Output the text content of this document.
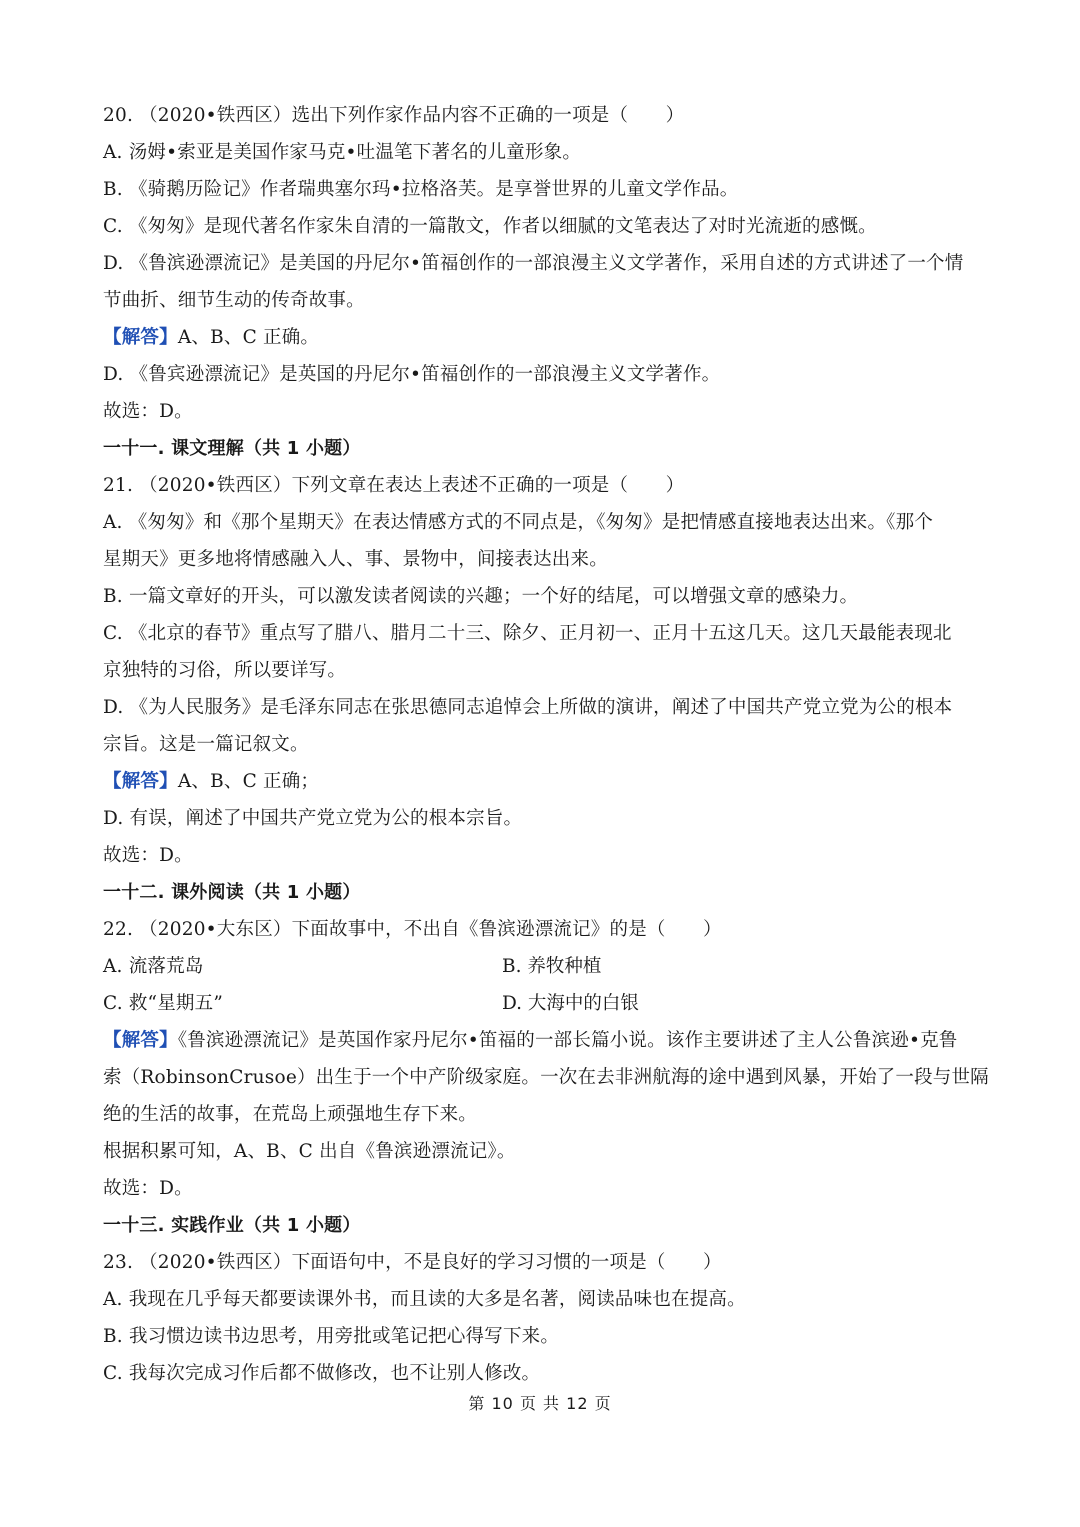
20. （2020•铁西区）选出下列作家作品内容不正确的一项是（　　）
A. 汤姆•索亚是美国作家马克•吐温笔下著名的儿童形象。
B. 《骑鹅历险记》作者瑞典塞尔玛•拉格洛芙。是享誉世界的儿童文学作品。
C. 《匆匆》是现代著名作家朱自清的一篇散文，作者以细腻的文笔表达了对时光流逝的感慨。
D. 《鲁滨逊漂流记》是美国的丹尼尔•笛福创作的一部浪漫主义文学著作，采用自述的方式讲述了一个情
节曲折、细节生动的传奇故事。
【解答】A、B、C 正确。
D. 《鲁宾逊漂流记》是英国的丹尼尔•笛福创作的一部浪漫主义文学著作。
故选：D。
一十一. 课文理解（共 1 小题）
21. （2020•铁西区）下列文章在表达上表述不正确的一项是（　　）
A. 《匆匆》和《那个星期天》在表达情感方式的不同点是，《匆匆》是把情感直接地表达出来。《那个
星期天》更多地将情感融入人、事、景物中，间接表达出来。
B. 一篇文章好的开头，可以激发读者阅读的兴趣；一个好的结尾，可以增强文章的感染力。
C. 《北京的春节》重点写了腊八、腊月二十三、除夕、正月初一、正月十五这几天。这几天最能表现北
京独特的习俗，所以要详写。
D. 《为人民服务》是毛泽东同志在张思德同志追悼会上所做的演讲，阐述了中国共产党立党为公的根本
宗旨。这是一篇记叙文。
【解答】A、B、C 正确；
D. 有误，阐述了中国共产党立党为公的根本宗旨。
故选：D。
一十二. 课外阅读（共 1 小题）
22. （2020•大东区）下面故事中，不出自《鲁滨逊漂流记》的是（　　）
A. 流落荒岛	B. 养牧种植
C. 救“星期五”	D. 大海中的白银
【解答】《鲁滨逊漂流记》是英国作家丹尼尔•笛福的一部长篇小说。该作主要讲述了主人公鲁滨逊•克鲁
索（RobinsonCrusoe）出生于一个中产阶级家庭。一次在去非洲航海的途中遇到风暴，开始了一段与世隔
绝的生活的故事，在荒岛上顽强地生存下来。
根据积累可知，A、B、C 出自《鲁滨逊漂流记》。
故选：D。
一十三. 实践作业（共 1 小题）
23. （2020•铁西区）下面语句中，不是良好的学习习惯的一项是（　　）
A. 我现在几乎每天都要读课外书，而且读的大多是名著，阅读品味也在提高。
B. 我习惯边读书边思考，用旁批或笔记把心得写下来。
C. 我每次完成习作后都不做修改，也不让别人修改。
第 10 页 共 12 页
